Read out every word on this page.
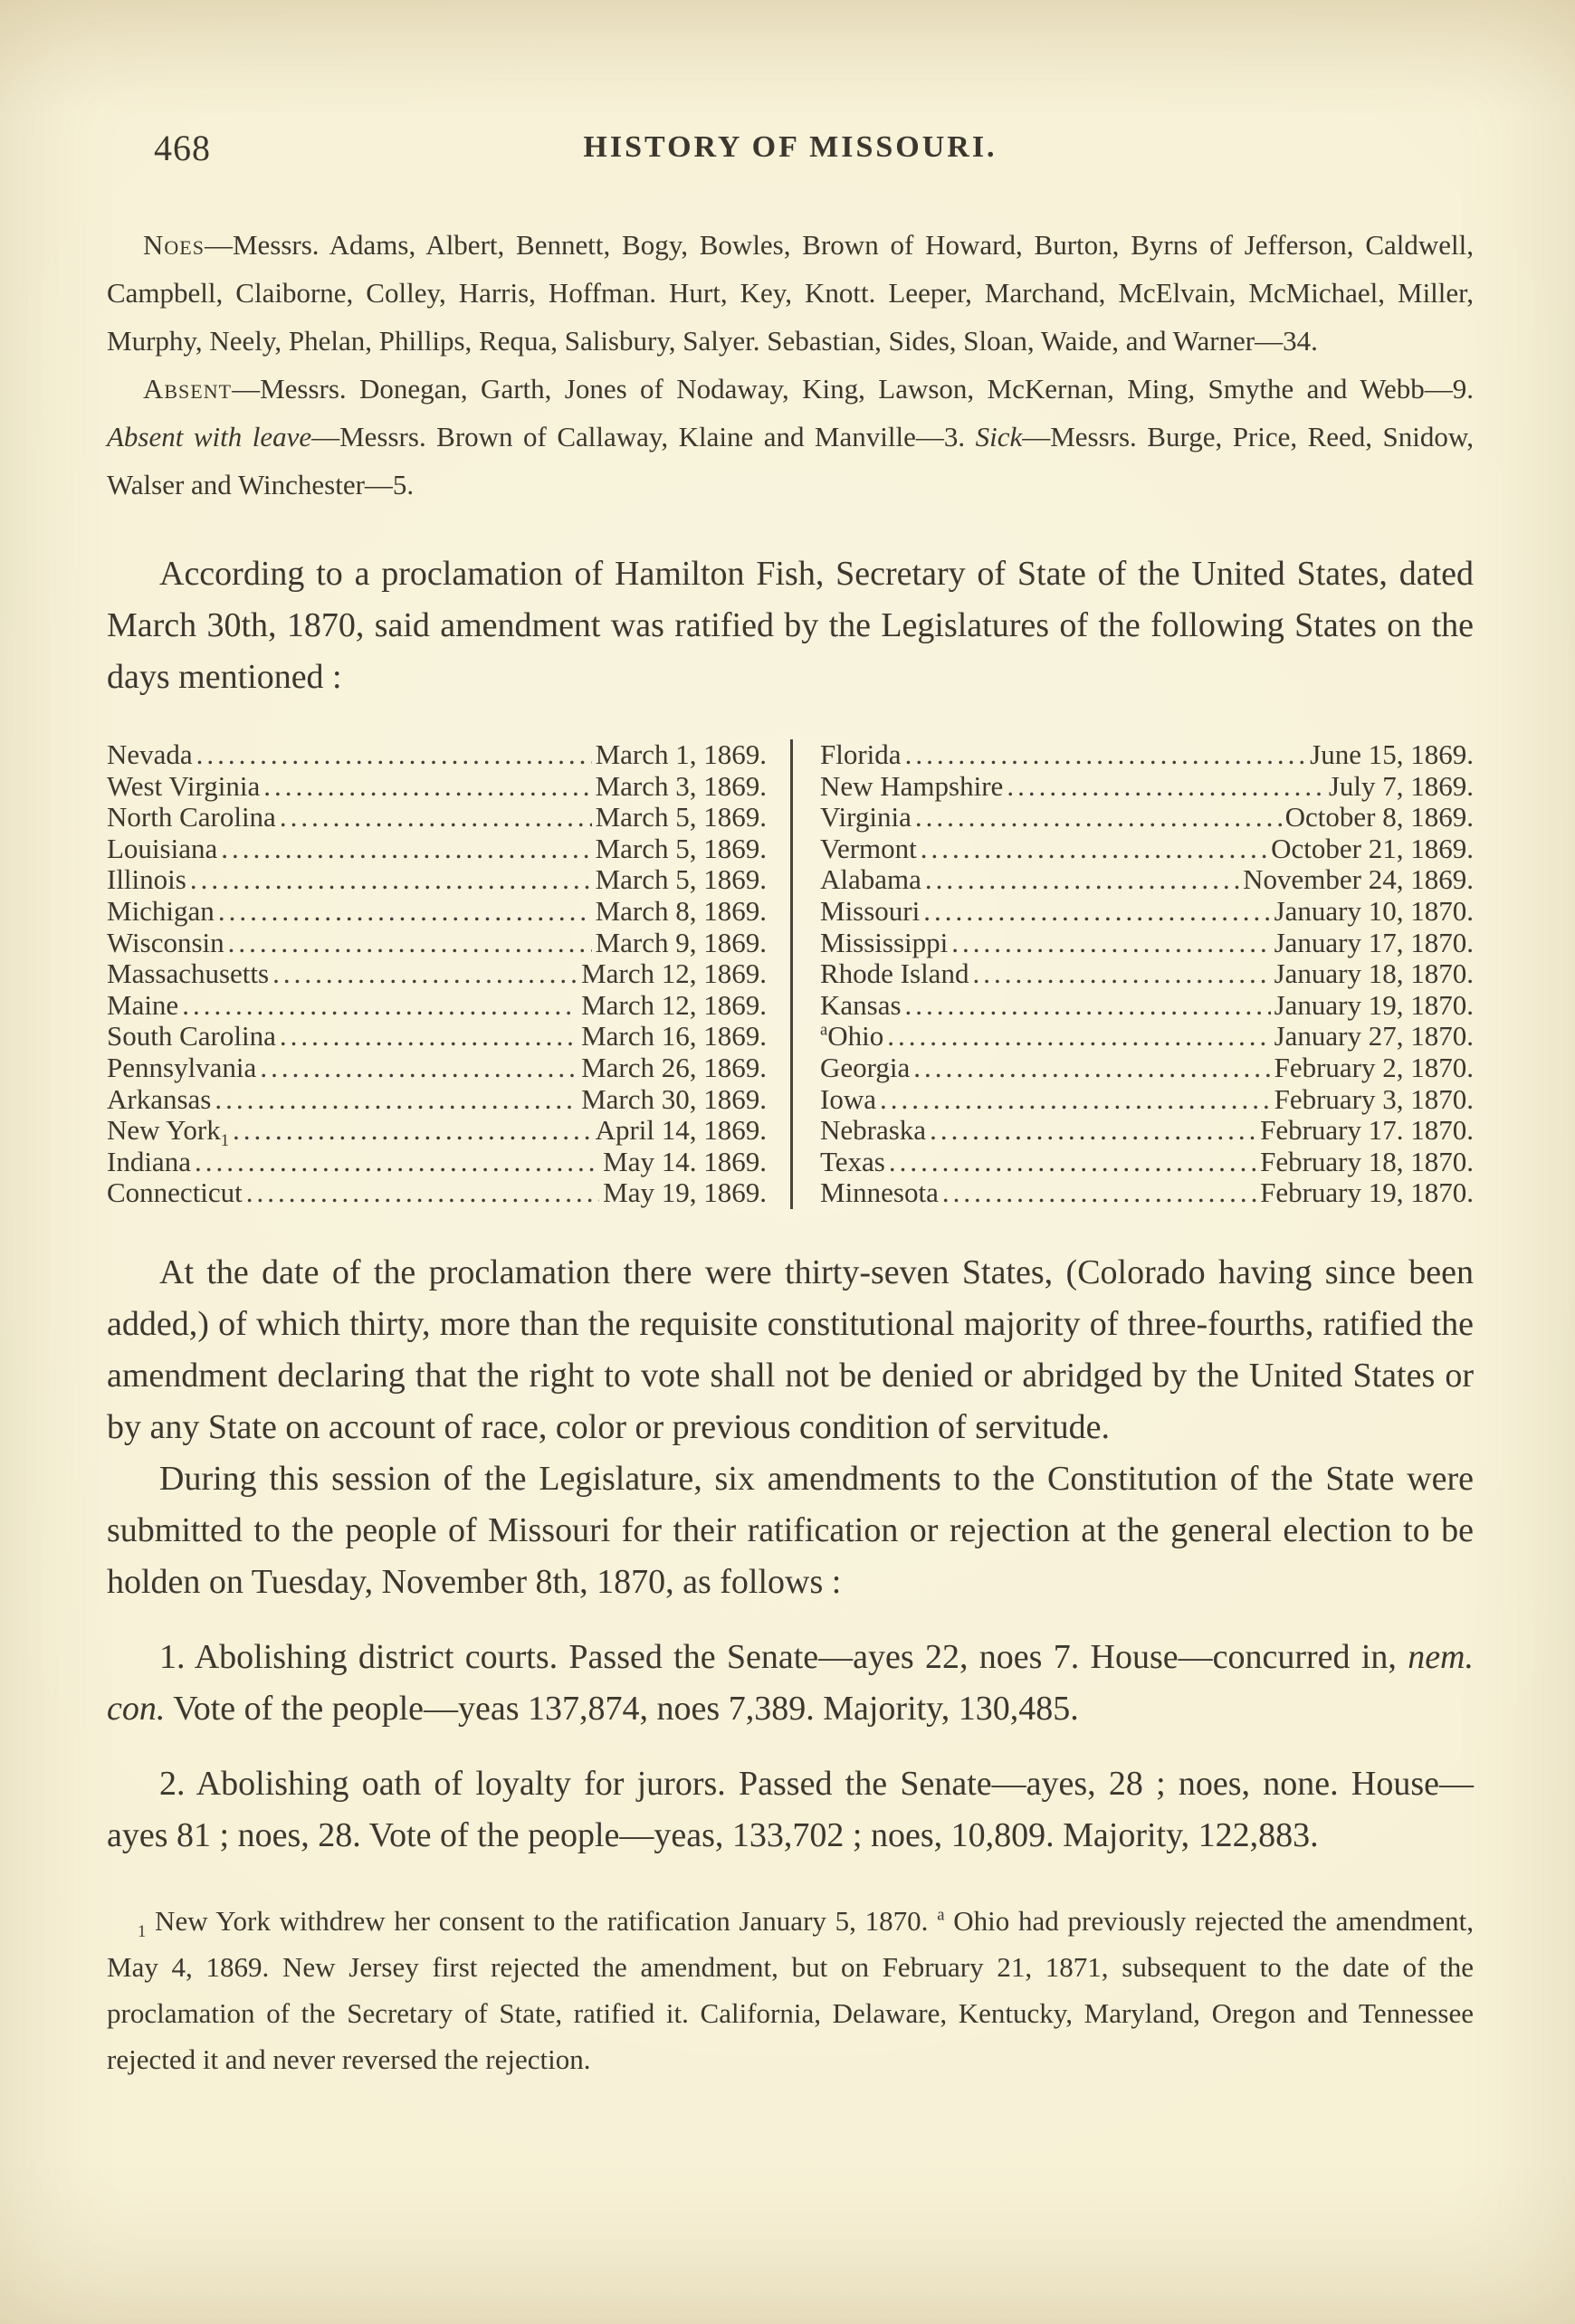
468	HISTORY OF MISSOURI.

Noes—Messrs. Adams, Albert, Bennett, Bogy, Bowles, Brown of Howard, Burton, Byrns of Jefferson, Caldwell, Campbell, Claiborne, Colley, Harris, Hoffman. Hurt, Key, Knott. Leeper, Marchand, McElvain, McMichael, Miller, Murphy, Neely, Phelan, Phillips, Requa, Salisbury, Salyer. Sebastian, Sides, Sloan, Waide, and Warner—34.

Absent—Messrs. Donegan, Garth, Jones of Nodaway, King, Lawson, McKernan, Ming, Smythe and Webb—9. Absent with leave—Messrs. Brown of Callaway, Klaine and Manville—3. Sick—Messrs. Burge, Price, Reed, Snidow, Walser and Winchester—5.

According to a proclamation of Hamilton Fish, Secretary of State of the United States, dated March 30th, 1870, said amendment was ratified by the Legislatures of the following States on the days mentioned :

Nevada .....	March 1, 1869.
West Virginia .....	March 3, 1869.
North Carolina .....	March 5, 1869.
Louisiana .....	March 5, 1869.
Illinois .....	March 5, 1869.
Michigan .....	March 8, 1869.
Wisconsin .....	March 9, 1869.
Massachusetts .....	March 12, 1869.
Maine .....	March 12, 1869.
South Carolina .....	March 16, 1869.
Pennsylvania .....	March 26, 1869.
Arkansas .....	March 30, 1869.
New York$_1$ .....	April 14, 1869.
Indiana .....	May 14. 1869.
Connecticut .....	May 19, 1869.
Florida .....	June 15, 1869.
New Hampshire .....	July 7, 1869.
Virginia .....	October 8, 1869.
Vermont .....	October 21, 1869.
Alabama .....	November 24, 1869.
Missouri .....	January 10, 1870.
Mississippi .....	January 17, 1870.
Rhode Island .....	January 18, 1870.
Kansas .....	January 19, 1870.
$^a$Ohio .....	January 27, 1870.
Georgia .....	February 2, 1870.
Iowa .....	February 3, 1870.
Nebraska .....	February 17. 1870.
Texas .....	February 18, 1870.
Minnesota .....	February 19, 1870.

At the date of the proclamation there were thirty-seven States, (Colorado having since been added,) of which thirty, more than the requisite constitutional majority of three-fourths, ratified the amendment declaring that the right to vote shall not be denied or abridged by the United States or by any State on account of race, color or previous condition of servitude.

During this session of the Legislature, six amendments to the Constitution of the State were submitted to the people of Missouri for their ratification or rejection at the general election to be holden on Tuesday, November 8th, 1870, as follows :

1. Abolishing district courts. Passed the Senate—ayes 22, noes 7. House—concurred in, nem. con. Vote of the people—yeas 137,874, noes 7,389. Majority, 130,485.

2. Abolishing oath of loyalty for jurors. Passed the Senate—ayes, 28 ; noes, none. House—ayes 81 ; noes, 28. Vote of the people—yeas, 133,702 ; noes, 10,809. Majority, 122,883.

$_1$ New York withdrew her consent to the ratification January 5, 1870. $^a$ Ohio had previously rejected the amendment, May 4, 1869. New Jersey first rejected the amendment, but on February 21, 1871, subsequent to the date of the proclamation of the Secretary of State, ratified it. California, Delaware, Kentucky, Maryland, Oregon and Tennessee rejected it and never reversed the rejection.
